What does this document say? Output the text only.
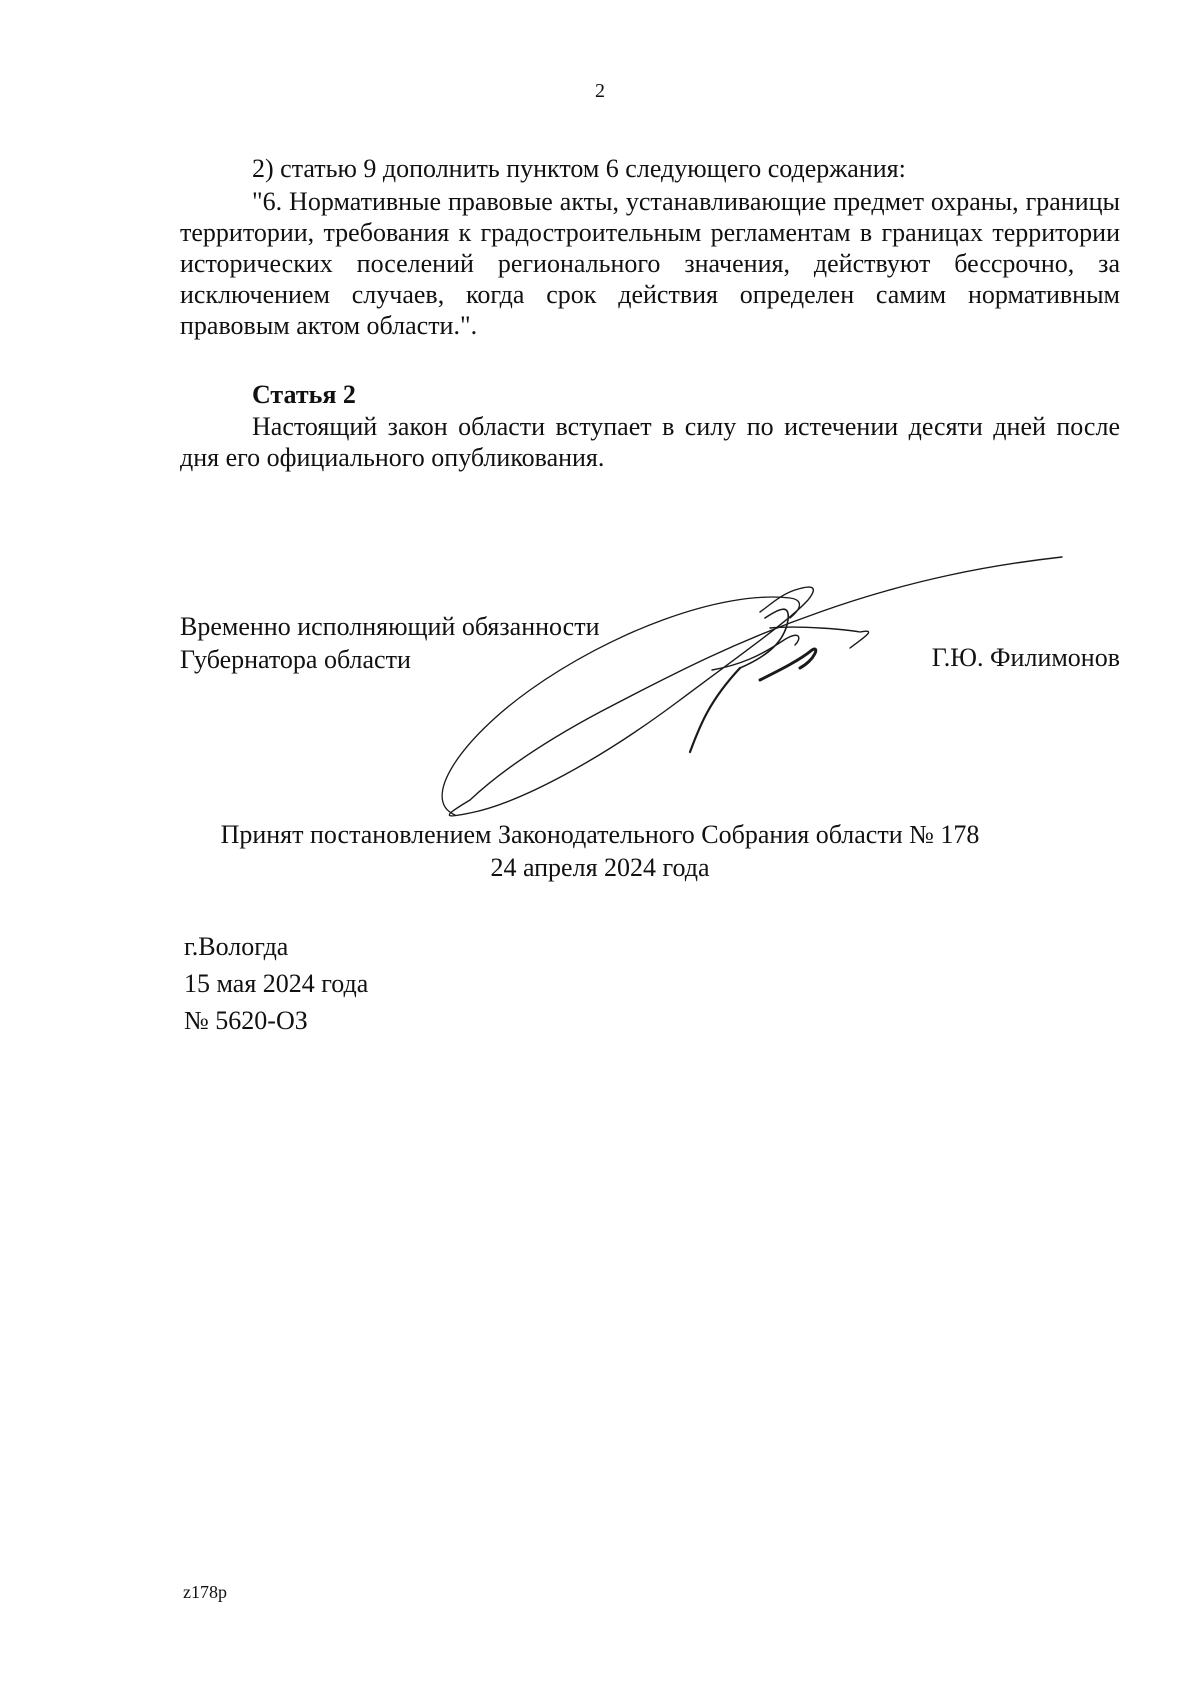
2

2) статью 9 дополнить пунктом 6 следующего содержания:

"6. Нормативные правовые акты, устанавливающие предмет охраны, границы территории, требования к градостроительным регламентам в границах территории исторических поселений регионального значения, действуют бессрочно, за исключением случаев, когда срок действия определен самим нормативным правовым актом области.".

Статья 2

Настоящий закон области вступает в силу по истечении десяти дней после дня его официального опубликования.

Временно исполняющий обязанности
Губернатора области	Г.Ю. Филимонов
Принят постановлением Законодательного Собрания области № 178
24 апреля 2024 года
г.Вологда
15 мая 2024 года
№ 5620-ОЗ
z178p
